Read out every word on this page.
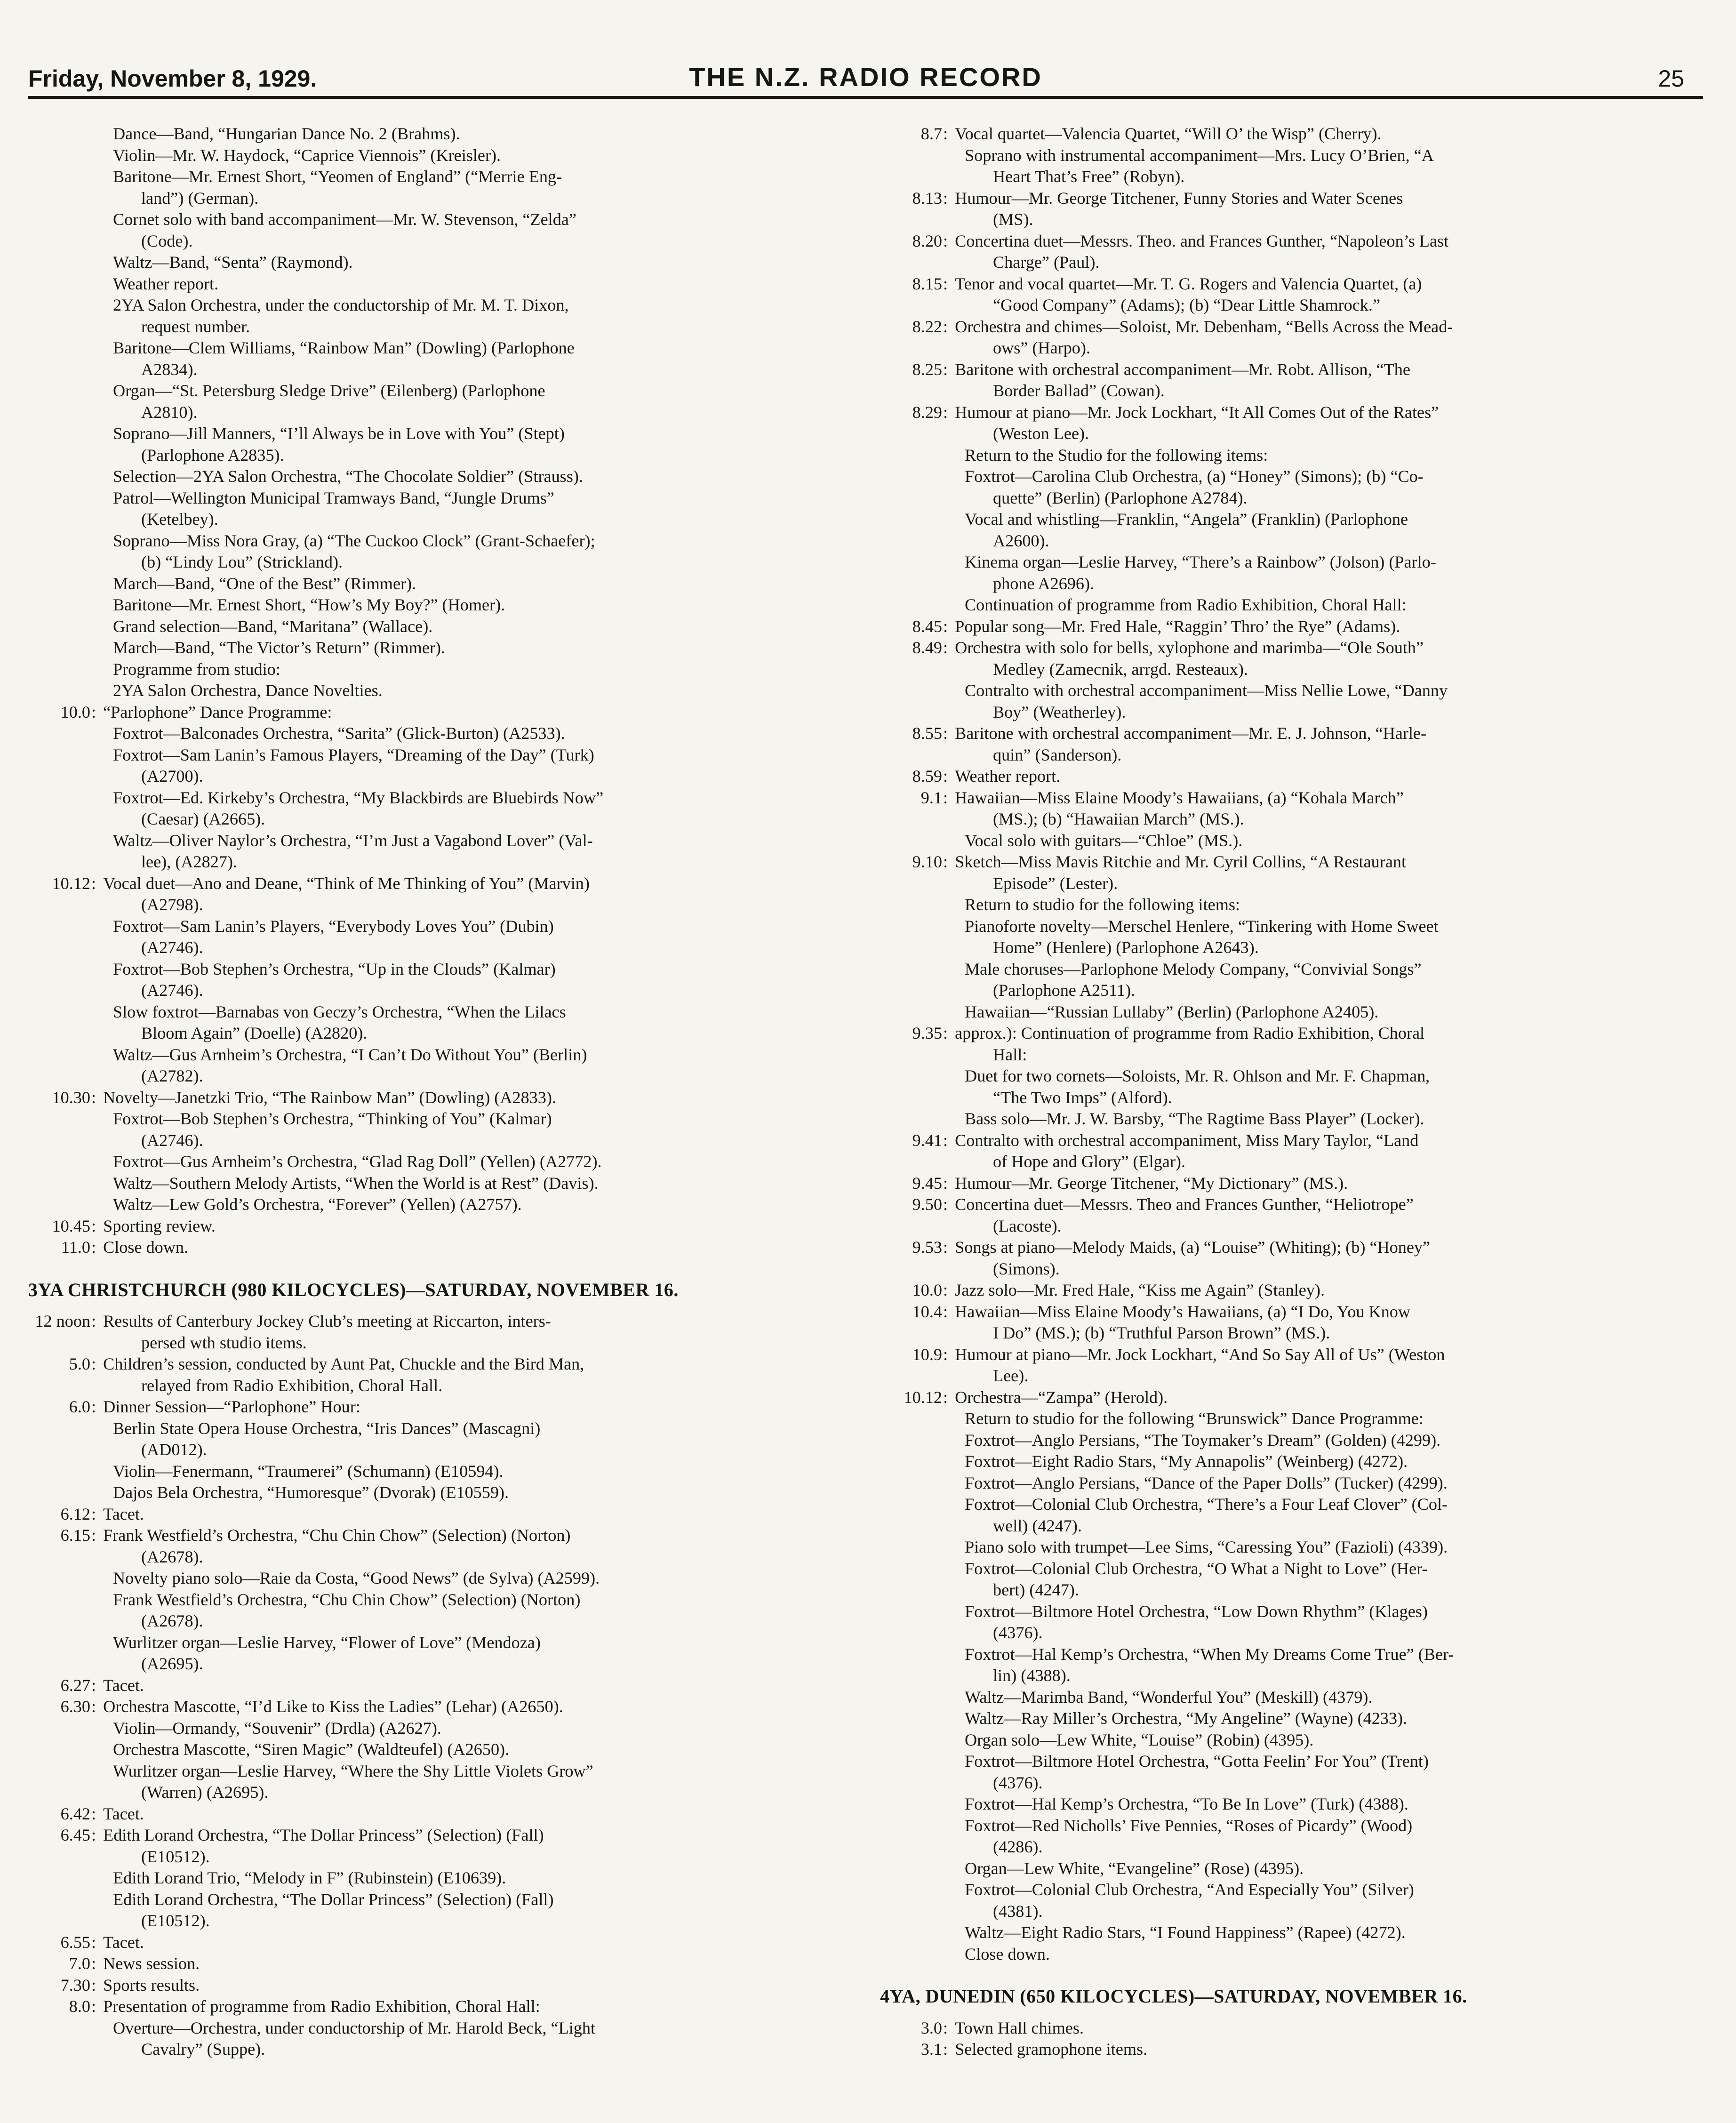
Friday, November 8, 1929.	THE N.Z. RADIO RECORD	25
Dance—Band, “Hungarian Dance No. 2 (Brahms).
Violin—Mr. W. Haydock, “Caprice Viennois” (Kreisler).
Baritone—Mr. Ernest Short, “Yeomen of England” (“Merrie Eng-
land”) (German).
Cornet solo with band accompaniment—Mr. W. Stevenson, “Zelda”
(Code).
Waltz—Band, “Senta” (Raymond).
Weather report.
2YA Salon Orchestra, under the conductorship of Mr. M. T. Dixon,
request number.
Baritone—Clem Williams, “Rainbow Man” (Dowling) (Parlophone
A2834).
Organ—“St. Petersburg Sledge Drive” (Eilenberg) (Parlophone
A2810).
Soprano—Jill Manners, “I’ll Always be in Love with You” (Stept)
(Parlophone A2835).
Selection—2YA Salon Orchestra, “The Chocolate Soldier” (Strauss).
Patrol—Wellington Municipal Tramways Band, “Jungle Drums”
(Ketelbey).
Soprano—Miss Nora Gray, (a) “The Cuckoo Clock” (Grant-Schaefer);
(b) “Lindy Lou” (Strickland).
March—Band, “One of the Best” (Rimmer).
Baritone—Mr. Ernest Short, “How’s My Boy?” (Homer).
Grand selection—Band, “Maritana” (Wallace).
March—Band, “The Victor’s Return” (Rimmer).
Programme from studio:
2YA Salon Orchestra, Dance Novelties.
10.0: “Parlophone” Dance Programme:
Foxtrot—Balconades Orchestra, “Sarita” (Glick-Burton) (A2533).
Foxtrot—Sam Lanin’s Famous Players, “Dreaming of the Day” (Turk)
(A2700).
Foxtrot—Ed. Kirkeby’s Orchestra, “My Blackbirds are Bluebirds Now”
(Caesar) (A2665).
Waltz—Oliver Naylor’s Orchestra, “I’m Just a Vagabond Lover” (Val-
lee), (A2827).
10.12: Vocal duet—Ano and Deane, “Think of Me Thinking of You” (Marvin)
(A2798).
Foxtrot—Sam Lanin’s Players, “Everybody Loves You” (Dubin)
(A2746).
Foxtrot—Bob Stephen’s Orchestra, “Up in the Clouds” (Kalmar)
(A2746).
Slow foxtrot—Barnabas von Geczy’s Orchestra, “When the Lilacs
Bloom Again” (Doelle) (A2820).
Waltz—Gus Arnheim’s Orchestra, “I Can’t Do Without You” (Berlin)
(A2782).
10.30: Novelty—Janetzki Trio, “The Rainbow Man” (Dowling) (A2833).
Foxtrot—Bob Stephen’s Orchestra, “Thinking of You” (Kalmar)
(A2746).
Foxtrot—Gus Arnheim’s Orchestra, “Glad Rag Doll” (Yellen) (A2772).
Waltz—Southern Melody Artists, “When the World is at Rest” (Davis).
Waltz—Lew Gold’s Orchestra, “Forever” (Yellen) (A2757).
10.45: Sporting review.
11.0: Close down.
3YA CHRISTCHURCH (980 KILOCYCLES)—SATURDAY, NOVEMBER 16.
12 noon: Results of Canterbury Jockey Club’s meeting at Riccarton, inters-
persed wth studio items.
5.0: Children’s session, conducted by Aunt Pat, Chuckle and the Bird Man,
relayed from Radio Exhibition, Choral Hall.
6.0: Dinner Session—“Parlophone” Hour:
Berlin State Opera House Orchestra, “Iris Dances” (Mascagni)
(AD012).
Violin—Fenermann, “Traumerei” (Schumann) (E10594).
Dajos Bela Orchestra, “Humoresque” (Dvorak) (E10559).
6.12: Tacet.
6.15: Frank Westfield’s Orchestra, “Chu Chin Chow” (Selection) (Norton)
(A2678).
Novelty piano solo—Raie da Costa, “Good News” (de Sylva) (A2599).
Frank Westfield’s Orchestra, “Chu Chin Chow” (Selection) (Norton)
(A2678).
Wurlitzer organ—Leslie Harvey, “Flower of Love” (Mendoza)
(A2695).
6.27: Tacet.
6.30: Orchestra Mascotte, “I’d Like to Kiss the Ladies” (Lehar) (A2650).
Violin—Ormandy, “Souvenir” (Drdla) (A2627).
Orchestra Mascotte, “Siren Magic” (Waldteufel) (A2650).
Wurlitzer organ—Leslie Harvey, “Where the Shy Little Violets Grow”
(Warren) (A2695).
6.42: Tacet.
6.45: Edith Lorand Orchestra, “The Dollar Princess” (Selection) (Fall)
(E10512).
Edith Lorand Trio, “Melody in F” (Rubinstein) (E10639).
Edith Lorand Orchestra, “The Dollar Princess” (Selection) (Fall)
(E10512).
6.55: Tacet.
7.0: News session.
7.30: Sports results.
8.0: Presentation of programme from Radio Exhibition, Choral Hall:
Overture—Orchestra, under conductorship of Mr. Harold Beck, “Light
Cavalry” (Suppe).
8.7: Vocal quartet—Valencia Quartet, “Will O’ the Wisp” (Cherry).
Soprano with instrumental accompaniment—Mrs. Lucy O’Brien, “A
Heart That’s Free” (Robyn).
8.13: Humour—Mr. George Titchener, Funny Stories and Water Scenes
(MS).
8.20: Concertina duet—Messrs. Theo. and Frances Gunther, “Napoleon’s Last
Charge” (Paul).
8.15: Tenor and vocal quartet—Mr. T. G. Rogers and Valencia Quartet, (a)
“Good Company” (Adams); (b) “Dear Little Shamrock.”
8.22: Orchestra and chimes—Soloist, Mr. Debenham, “Bells Across the Mead-
ows” (Harpo).
8.25: Baritone with orchestral accompaniment—Mr. Robt. Allison, “The
Border Ballad” (Cowan).
8.29: Humour at piano—Mr. Jock Lockhart, “It All Comes Out of the Rates”
(Weston Lee).
Return to the Studio for the following items:
Foxtrot—Carolina Club Orchestra, (a) “Honey” (Simons); (b) “Co-
quette” (Berlin) (Parlophone A2784).
Vocal and whistling—Franklin, “Angela” (Franklin) (Parlophone
A2600).
Kinema organ—Leslie Harvey, “There’s a Rainbow” (Jolson) (Parlo-
phone A2696).
Continuation of programme from Radio Exhibition, Choral Hall:
8.45: Popular song—Mr. Fred Hale, “Raggin’ Thro’ the Rye” (Adams).
8.49: Orchestra with solo for bells, xylophone and marimba—“Ole South”
Medley (Zamecnik, arrgd. Resteaux).
Contralto with orchestral accompaniment—Miss Nellie Lowe, “Danny
Boy” (Weatherley).
8.55: Baritone with orchestral accompaniment—Mr. E. J. Johnson, “Harle-
quin” (Sanderson).
8.59: Weather report.
9.1: Hawaiian—Miss Elaine Moody’s Hawaiians, (a) “Kohala March”
(MS.); (b) “Hawaiian March” (MS.).
Vocal solo with guitars—“Chloe” (MS.).
9.10: Sketch—Miss Mavis Ritchie and Mr. Cyril Collins, “A Restaurant
Episode” (Lester).
Return to studio for the following items:
Pianoforte novelty—Merschel Henlere, “Tinkering with Home Sweet
Home” (Henlere) (Parlophone A2643).
Male choruses—Parlophone Melody Company, “Convivial Songs”
(Parlophone A2511).
Hawaiian—“Russian Lullaby” (Berlin) (Parlophone A2405).
9.35: approx.): Continuation of programme from Radio Exhibition, Choral
Hall:
Duet for two cornets—Soloists, Mr. R. Ohlson and Mr. F. Chapman,
“The Two Imps” (Alford).
Bass solo—Mr. J. W. Barsby, “The Ragtime Bass Player” (Locker).
9.41: Contralto with orchestral accompaniment, Miss Mary Taylor, “Land
of Hope and Glory” (Elgar).
9.45: Humour—Mr. George Titchener, “My Dictionary” (MS.).
9.50: Concertina duet—Messrs. Theo and Frances Gunther, “Heliotrope”
(Lacoste).
9.53: Songs at piano—Melody Maids, (a) “Louise” (Whiting); (b) “Honey”
(Simons).
10.0: Jazz solo—Mr. Fred Hale, “Kiss me Again” (Stanley).
10.4: Hawaiian—Miss Elaine Moody’s Hawaiians, (a) “I Do, You Know
I Do” (MS.); (b) “Truthful Parson Brown” (MS.).
10.9: Humour at piano—Mr. Jock Lockhart, “And So Say All of Us” (Weston
Lee).
10.12: Orchestra—“Zampa” (Herold).
Return to studio for the following “Brunswick” Dance Programme:
Foxtrot—Anglo Persians, “The Toymaker’s Dream” (Golden) (4299).
Foxtrot—Eight Radio Stars, “My Annapolis” (Weinberg) (4272).
Foxtrot—Anglo Persians, “Dance of the Paper Dolls” (Tucker) (4299).
Foxtrot—Colonial Club Orchestra, “There’s a Four Leaf Clover” (Col-
well) (4247).
Piano solo with trumpet—Lee Sims, “Caressing You” (Fazioli) (4339).
Foxtrot—Colonial Club Orchestra, “O What a Night to Love” (Her-
bert) (4247).
Foxtrot—Biltmore Hotel Orchestra, “Low Down Rhythm” (Klages)
(4376).
Foxtrot—Hal Kemp’s Orchestra, “When My Dreams Come True” (Ber-
lin) (4388).
Waltz—Marimba Band, “Wonderful You” (Meskill) (4379).
Waltz—Ray Miller’s Orchestra, “My Angeline” (Wayne) (4233).
Organ solo—Lew White, “Louise” (Robin) (4395).
Foxtrot—Biltmore Hotel Orchestra, “Gotta Feelin’ For You” (Trent)
(4376).
Foxtrot—Hal Kemp’s Orchestra, “To Be In Love” (Turk) (4388).
Foxtrot—Red Nicholls’ Five Pennies, “Roses of Picardy” (Wood)
(4286).
Organ—Lew White, “Evangeline” (Rose) (4395).
Foxtrot—Colonial Club Orchestra, “And Especially You” (Silver)
(4381).
Waltz—Eight Radio Stars, “I Found Happiness” (Rapee) (4272).
Close down.
4YA, DUNEDIN (650 KILOCYCLES)—SATURDAY, NOVEMBER 16.
3.0: Town Hall chimes.
3.1: Selected gramophone items.
